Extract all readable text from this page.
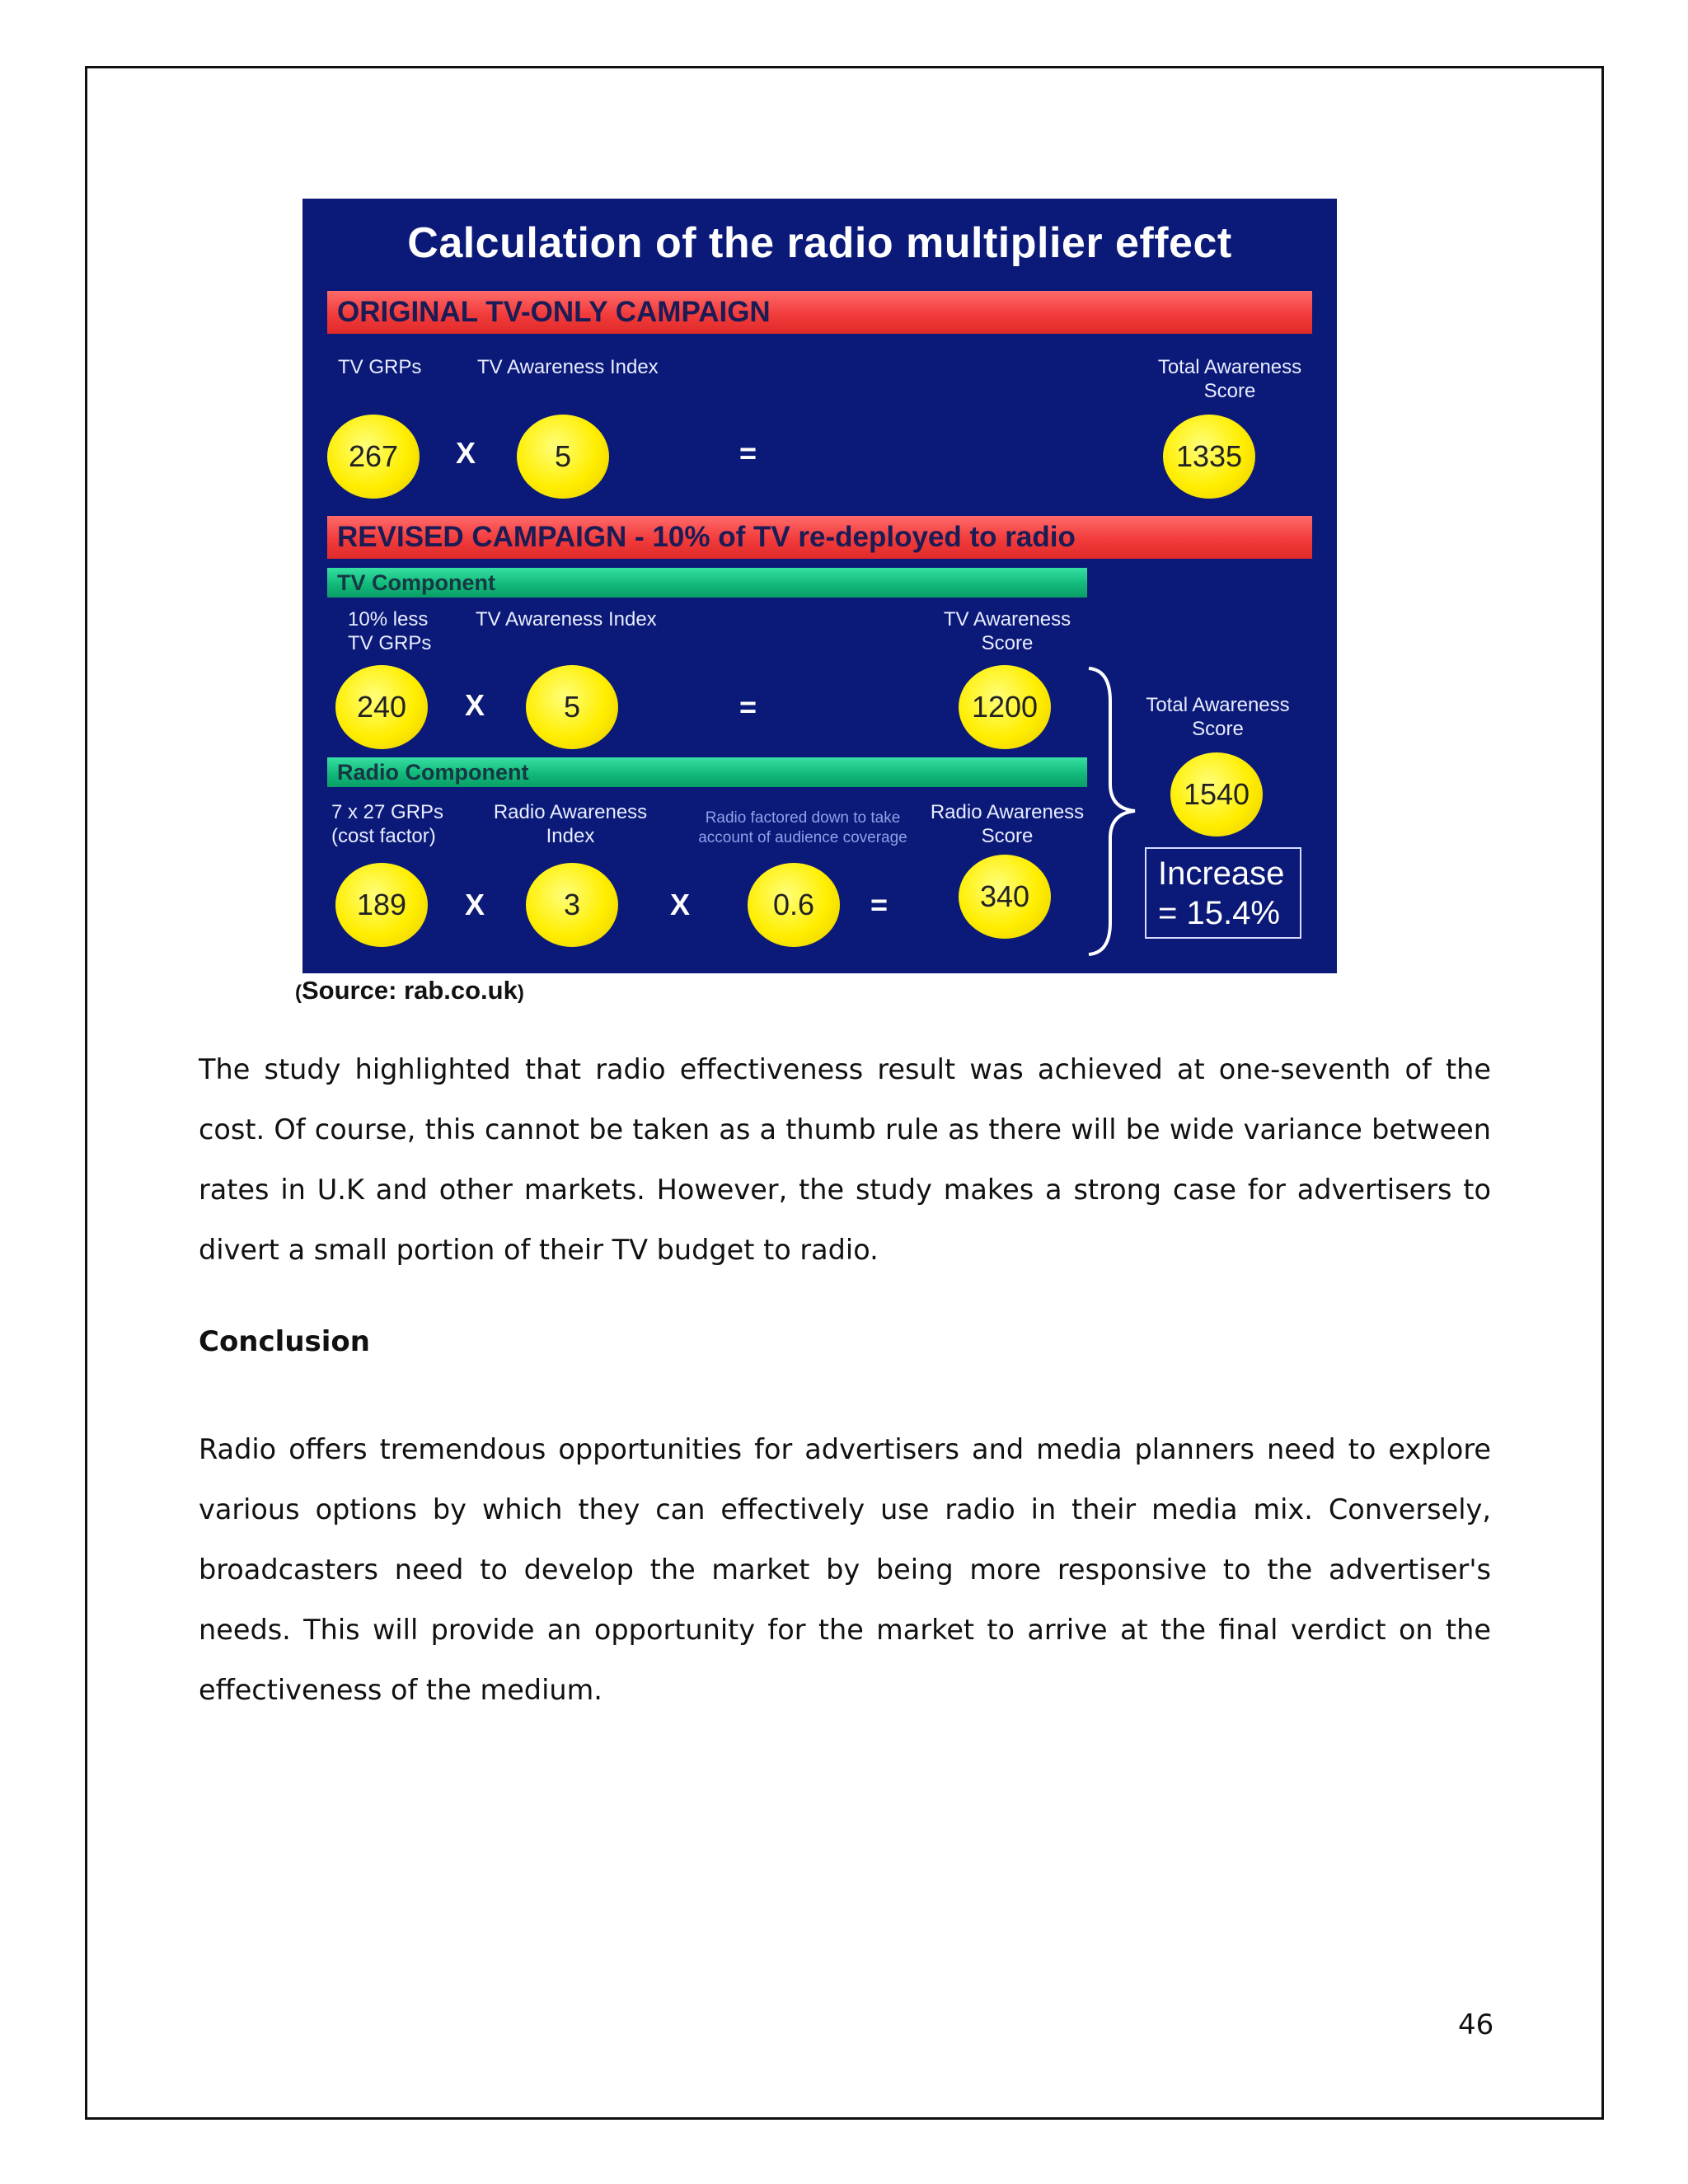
Calculation of the radio multiplier effect
ORIGINAL TV-ONLY CAMPAIGN
TV GRPs	TV Awareness Index	Total Awareness Score
267	X	5	=	1335
REVISED CAMPAIGN - 10% of TV re-deployed to radio
TV Component
10% less TV GRPs
TV Awareness Index	TV Awareness Score
240	X	5	=	1200
Radio Component
7 x 27 GRPs (cost factor)
Radio Awareness Index
Radio factored down to take account of audience coverage
Radio Awareness Score
189	X	3	X	0.6	=	340
Total Awareness Score
1540
Increase
= 15.4%
(Source: rab.co.uk)

The study highlighted that radio effectiveness result was achieved at one-seventh of the cost. Of course, this cannot be taken as a thumb rule as there will be wide variance between rates in U.K and other markets. However, the study makes a strong case for advertisers to divert a small portion of their TV budget to radio.

Conclusion

Radio offers tremendous opportunities for advertisers and media planners need to explore various options by which they can effectively use radio in their media mix. Conversely, broadcasters need to develop the market by being more responsive to the advertiser's needs. This will provide an opportunity for the market to arrive at the final verdict on the effectiveness of the medium.

46
